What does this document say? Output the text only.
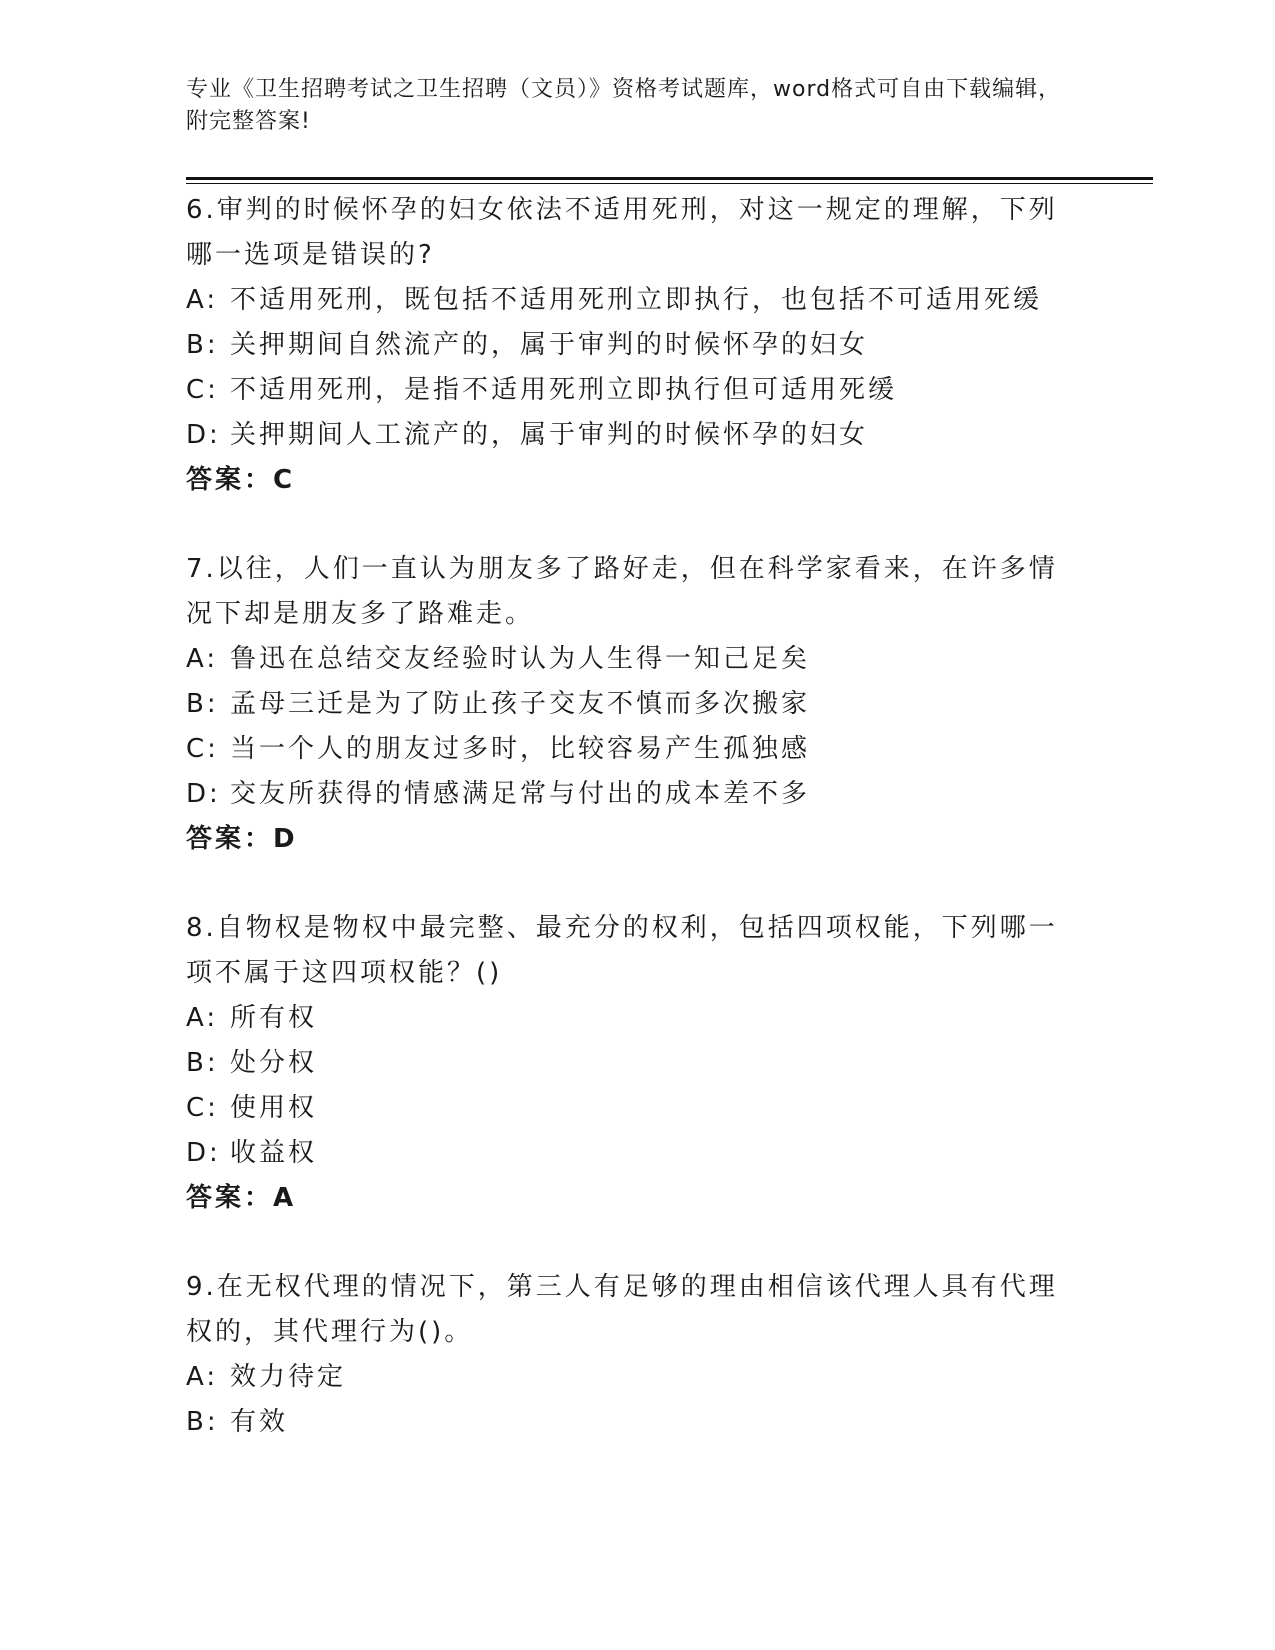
专业《卫生招聘考试之卫生招聘（文员）》资格考试题库，word格式可自由下载编辑，附完整答案!

6.审判的时候怀孕的妇女依法不适用死刑，对这一规定的理解，下列哪一选项是错误的?

A: 不适用死刑，既包括不适用死刑立即执行，也包括不可适用死缓

B: 关押期间自然流产的，属于审判的时候怀孕的妇女

C: 不适用死刑，是指不适用死刑立即执行但可适用死缓

D: 关押期间人工流产的，属于审判的时候怀孕的妇女

答案：C

7.以往，人们一直认为朋友多了路好走，但在科学家看来，在许多情况下却是朋友多了路难走。

A: 鲁迅在总结交友经验时认为人生得一知己足矣

B: 孟母三迁是为了防止孩子交友不慎而多次搬家

C: 当一个人的朋友过多时，比较容易产生孤独感

D: 交友所获得的情感满足常与付出的成本差不多

答案：D

8.自物权是物权中最完整、最充分的权利，包括四项权能，下列哪一项不属于这四项权能？()

A: 所有权

B: 处分权

C: 使用权

D: 收益权

答案：A

9.在无权代理的情况下，第三人有足够的理由相信该代理人具有代理权的，其代理行为()。

A: 效力待定

B: 有效
